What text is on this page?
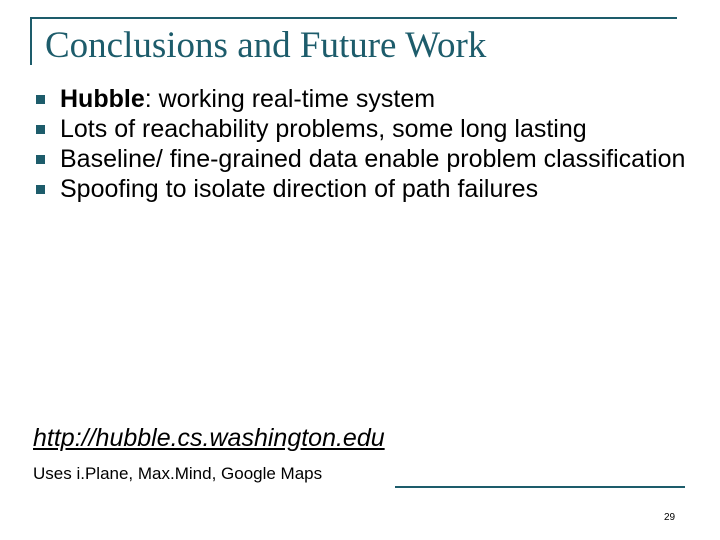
Conclusions and Future Work
Hubble: working real-time system
Lots of reachability problems, some long lasting
Baseline/ fine-grained data enable problem classification
Spoofing to isolate direction of path failures
http://hubble.cs.washington.edu
Uses i.Plane, Max.Mind, Google Maps
29
